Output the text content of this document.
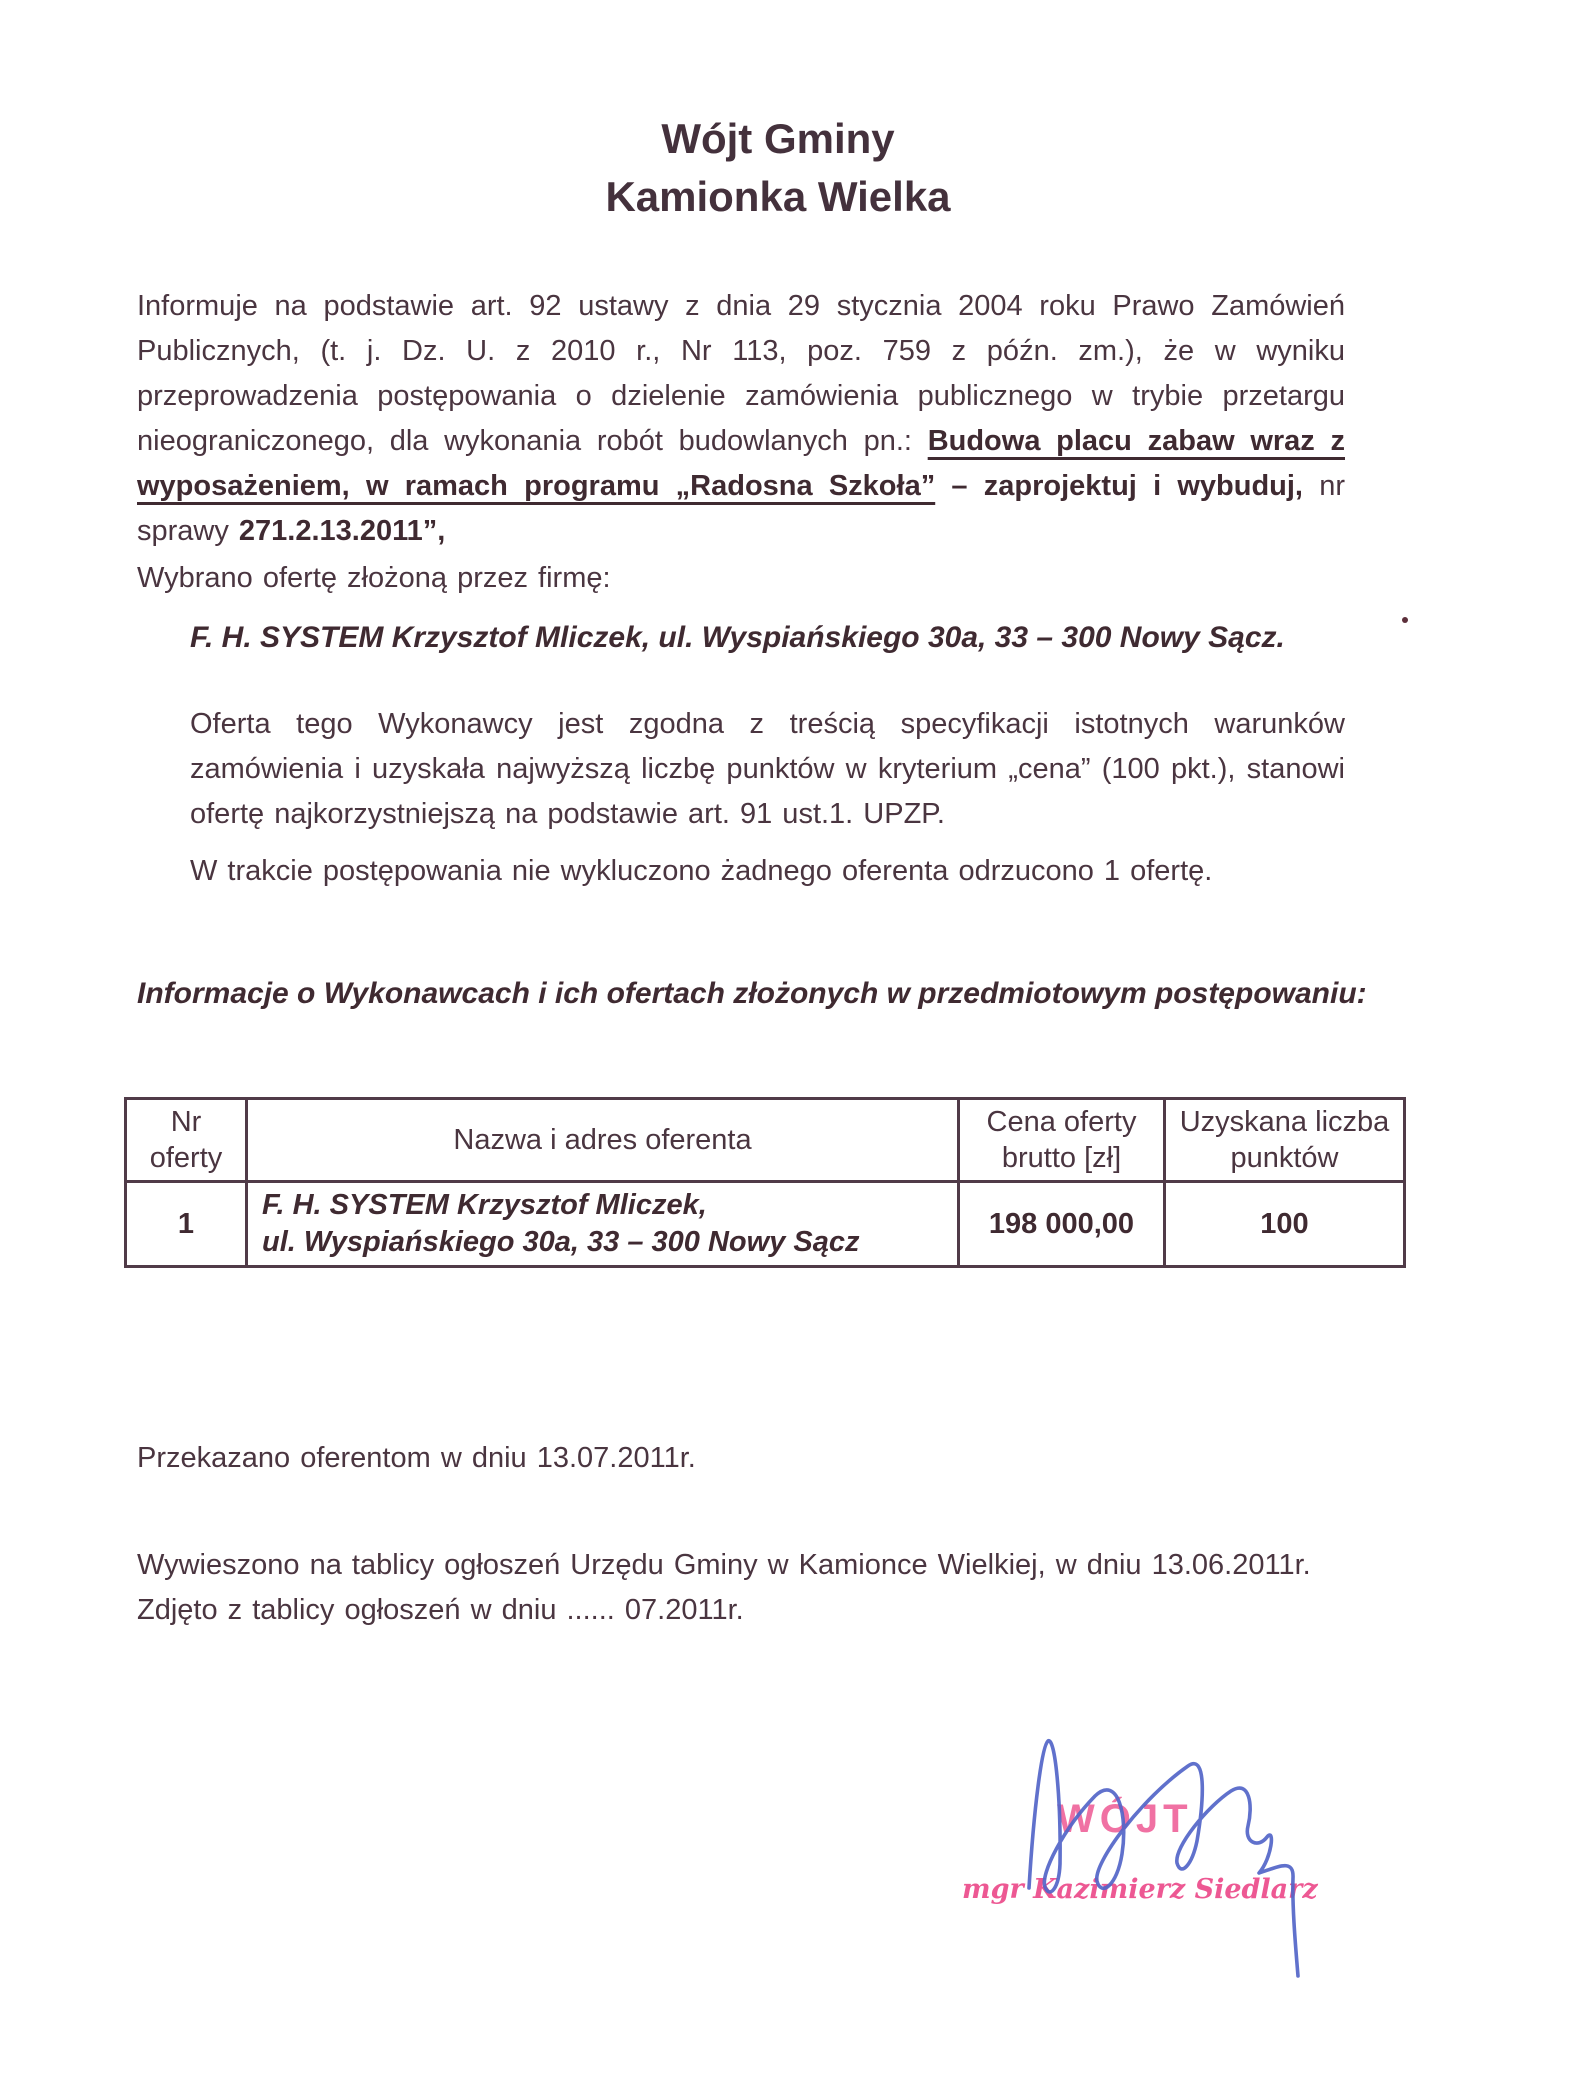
Wójt Gminy
Kamionka Wielka

Informuje na podstawie art. 92 ustawy z dnia 29 stycznia 2004 roku Prawo Zamówień Publicznych, (t. j. Dz. U. z 2010 r., Nr 113, poz. 759 z późn. zm.), że w wyniku przeprowadzenia postępowania o dzielenie zamówienia publicznego w trybie przetargu nieograniczonego, dla wykonania robót budowlanych pn.: Budowa placu zabaw wraz z wyposażeniem, w ramach programu „Radosna Szkoła” – zaprojektuj i wybuduj, nr sprawy 271.2.13.2011”,

Wybrano ofertę złożoną przez firmę:
F. H. SYSTEM Krzysztof Mliczek, ul. Wyspiańskiego 30a, 33 – 300 Nowy Sącz.

Oferta tego Wykonawcy jest zgodna z treścią specyfikacji istotnych warunków zamówienia i uzyskała najwyższą liczbę punktów w kryterium „cena” (100 pkt.), stanowi ofertę najkorzystniejszą na podstawie art. 91 ust.1. UPZP.

W trakcie postępowania nie wykluczono żadnego oferenta odrzucono 1 ofertę.
Informacje o Wykonawcach i ich ofertach złożonych w przedmiotowym postępowaniu:
Nr oferty	Nazwa i adres oferenta	Cena oferty brutto [zł]	Uzyskana liczba punktów
1	F. H. SYSTEM Krzysztof Mliczek,
ul. Wyspiańskiego 30a, 33 – 300 Nowy Sącz	198 000,00	100
Przekazano oferentom w dniu 13.07.2011r.
Wywieszono na tablicy ogłoszeń Urzędu Gminy w Kamionce Wielkiej, w dniu 13.06.2011r.
Zdjęto z tablicy ogłoszeń w dniu ...... 07.2011r.
WÓJT
mgr Kazimierz Siedlarz
